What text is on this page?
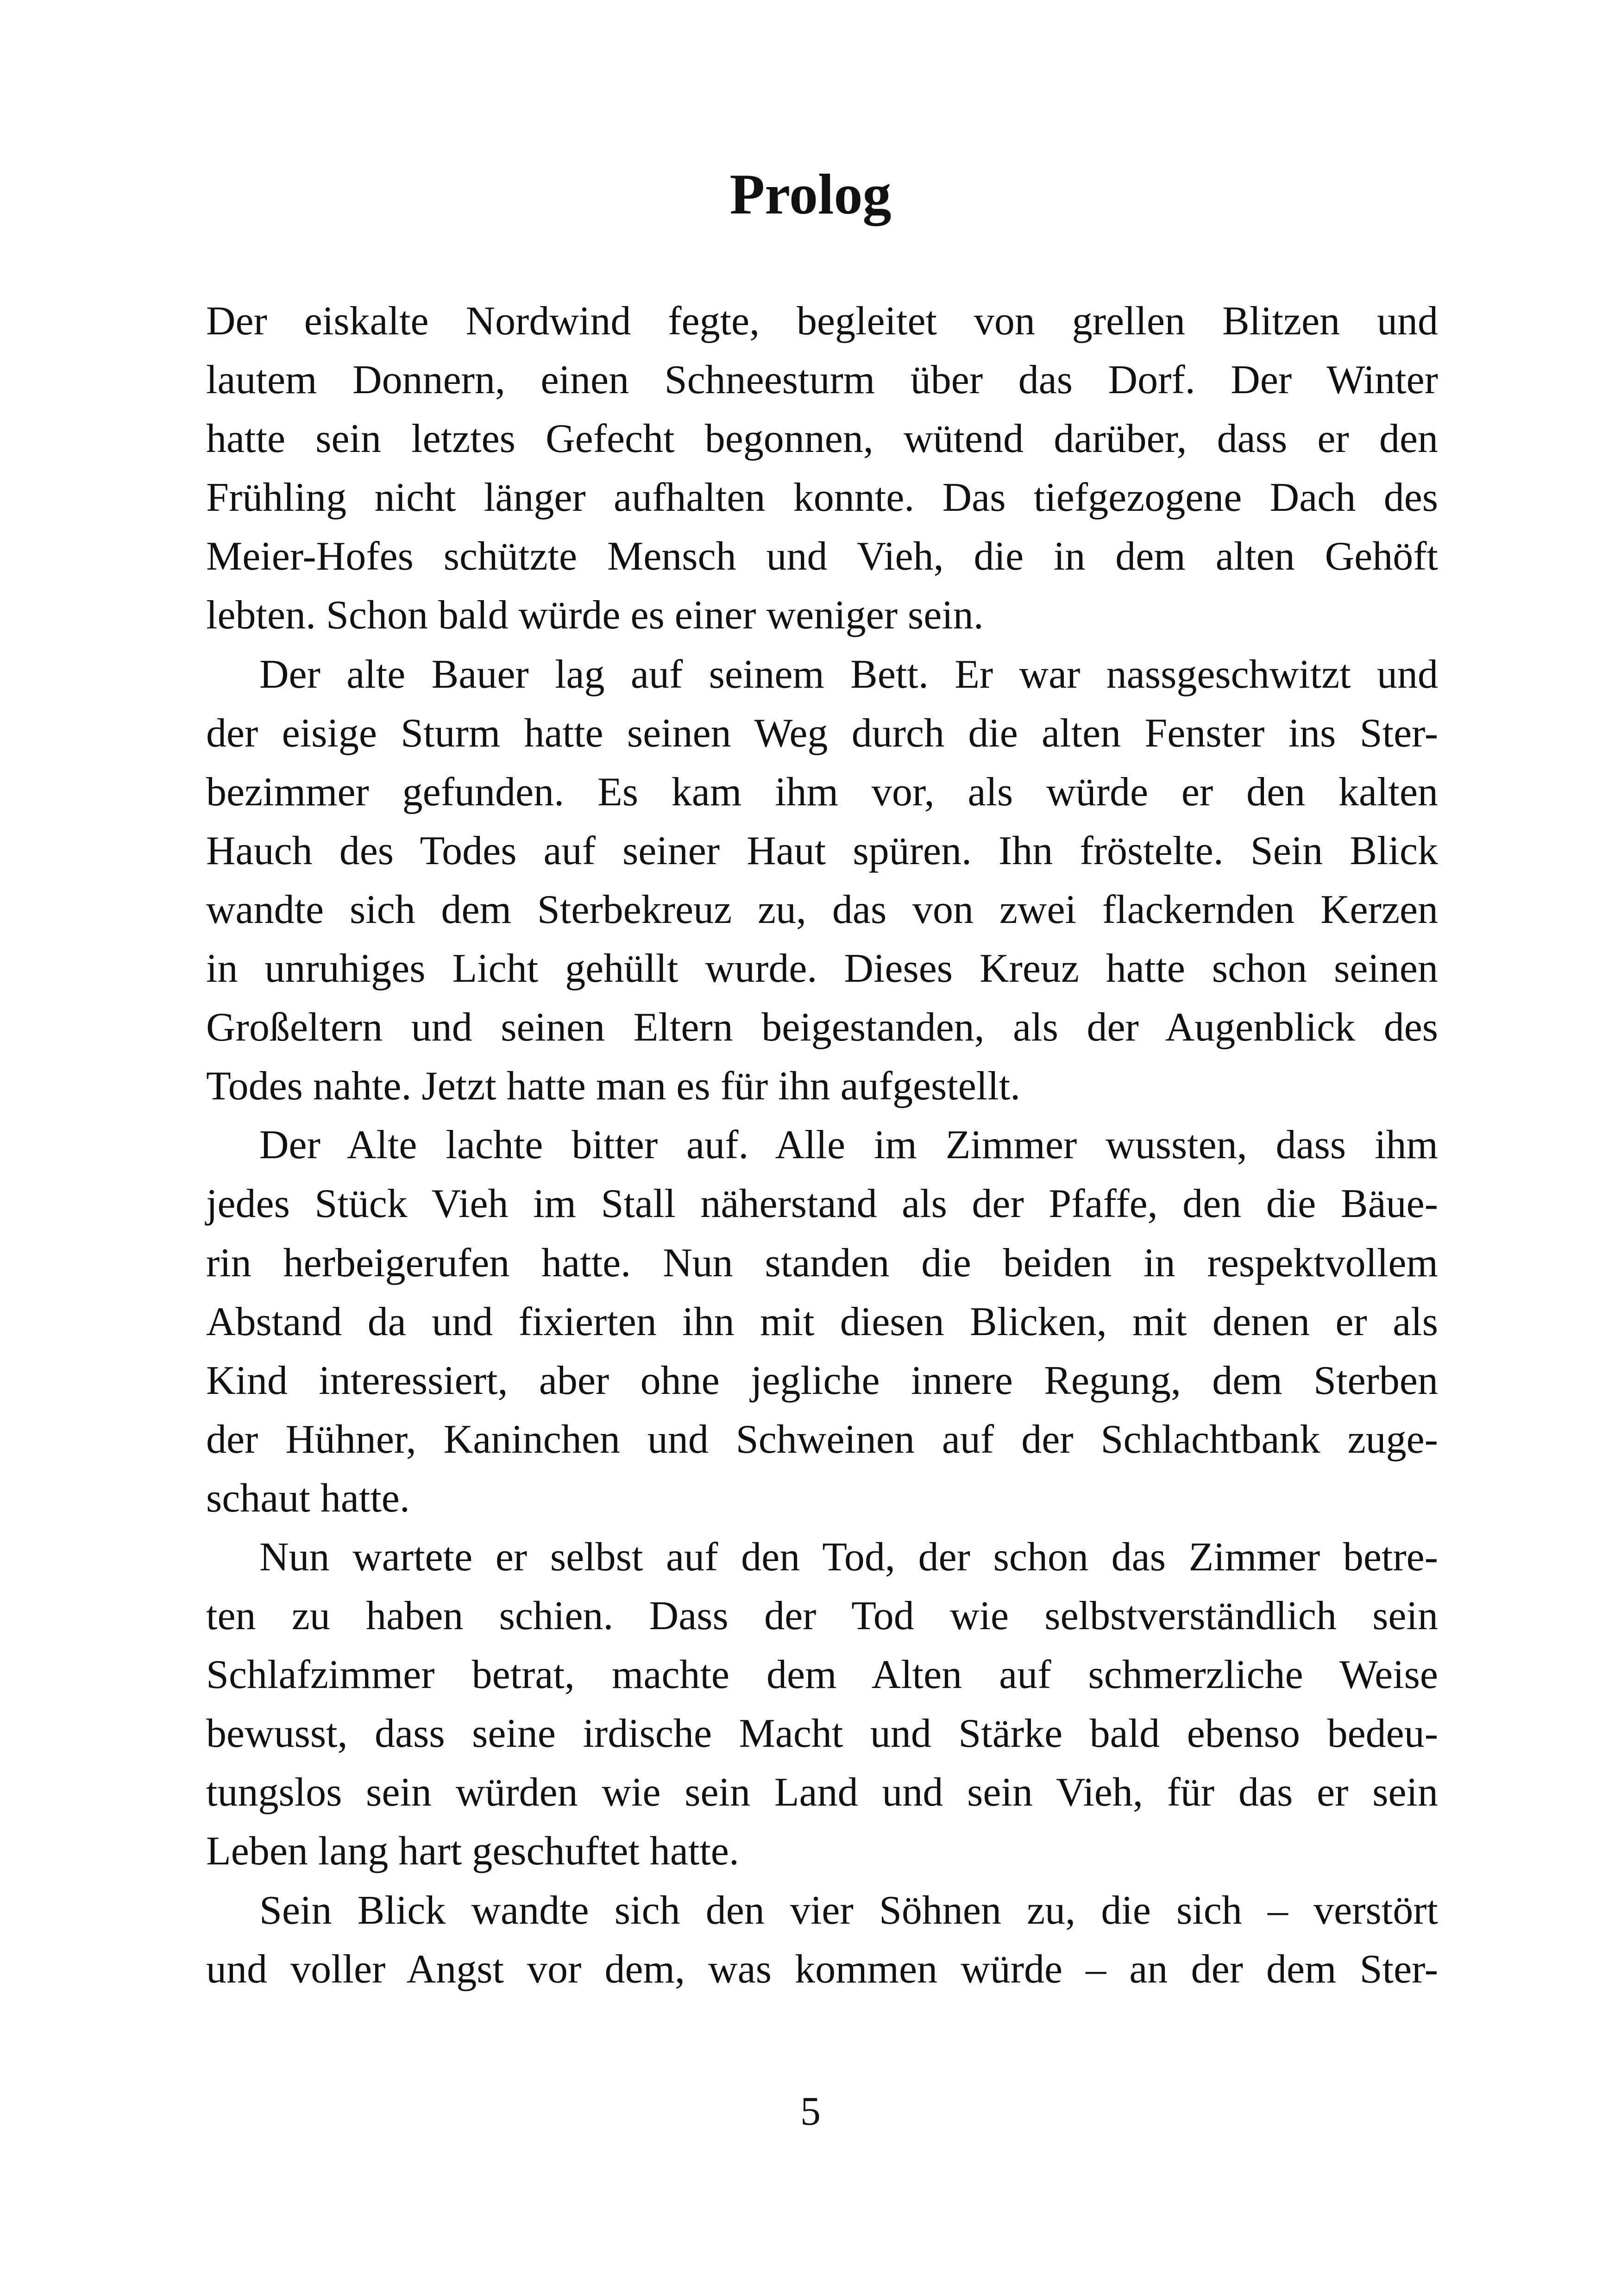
Prolog
Der eiskalte Nordwind fegte, begleitet von grellen Blitzen und
lautem Donnern, einen Schneesturm über das Dorf. Der Winter
hatte sein letztes Gefecht begonnen, wütend darüber, dass er den
Frühling nicht länger aufhalten konnte. Das tiefgezogene Dach des
Meier-Hofes schützte Mensch und Vieh, die in dem alten Gehöft
lebten. Schon bald würde es einer weniger sein.
Der alte Bauer lag auf seinem Bett. Er war nassgeschwitzt und
der eisige Sturm hatte seinen Weg durch die alten Fenster ins Ster-
bezimmer gefunden. Es kam ihm vor, als würde er den kalten
Hauch des Todes auf seiner Haut spüren. Ihn fröstelte. Sein Blick
wandte sich dem Sterbekreuz zu, das von zwei flackernden Kerzen
in unruhiges Licht gehüllt wurde. Dieses Kreuz hatte schon seinen
Großeltern und seinen Eltern beigestanden, als der Augenblick des
Todes nahte. Jetzt hatte man es für ihn aufgestellt.
Der Alte lachte bitter auf. Alle im Zimmer wussten, dass ihm
jedes Stück Vieh im Stall näherstand als der Pfaffe, den die Bäue-
rin herbeigerufen hatte. Nun standen die beiden in respektvollem
Abstand da und fixierten ihn mit diesen Blicken, mit denen er als
Kind interessiert, aber ohne jegliche innere Regung, dem Sterben
der Hühner, Kaninchen und Schweinen auf der Schlachtbank zuge-
schaut hatte.
Nun wartete er selbst auf den Tod, der schon das Zimmer betre-
ten zu haben schien. Dass der Tod wie selbstverständlich sein
Schlafzimmer betrat, machte dem Alten auf schmerzliche Weise
bewusst, dass seine irdische Macht und Stärke bald ebenso bedeu-
tungslos sein würden wie sein Land und sein Vieh, für das er sein
Leben lang hart geschuftet hatte.
Sein Blick wandte sich den vier Söhnen zu, die sich – verstört
und voller Angst vor dem, was kommen würde – an der dem Ster-
5
